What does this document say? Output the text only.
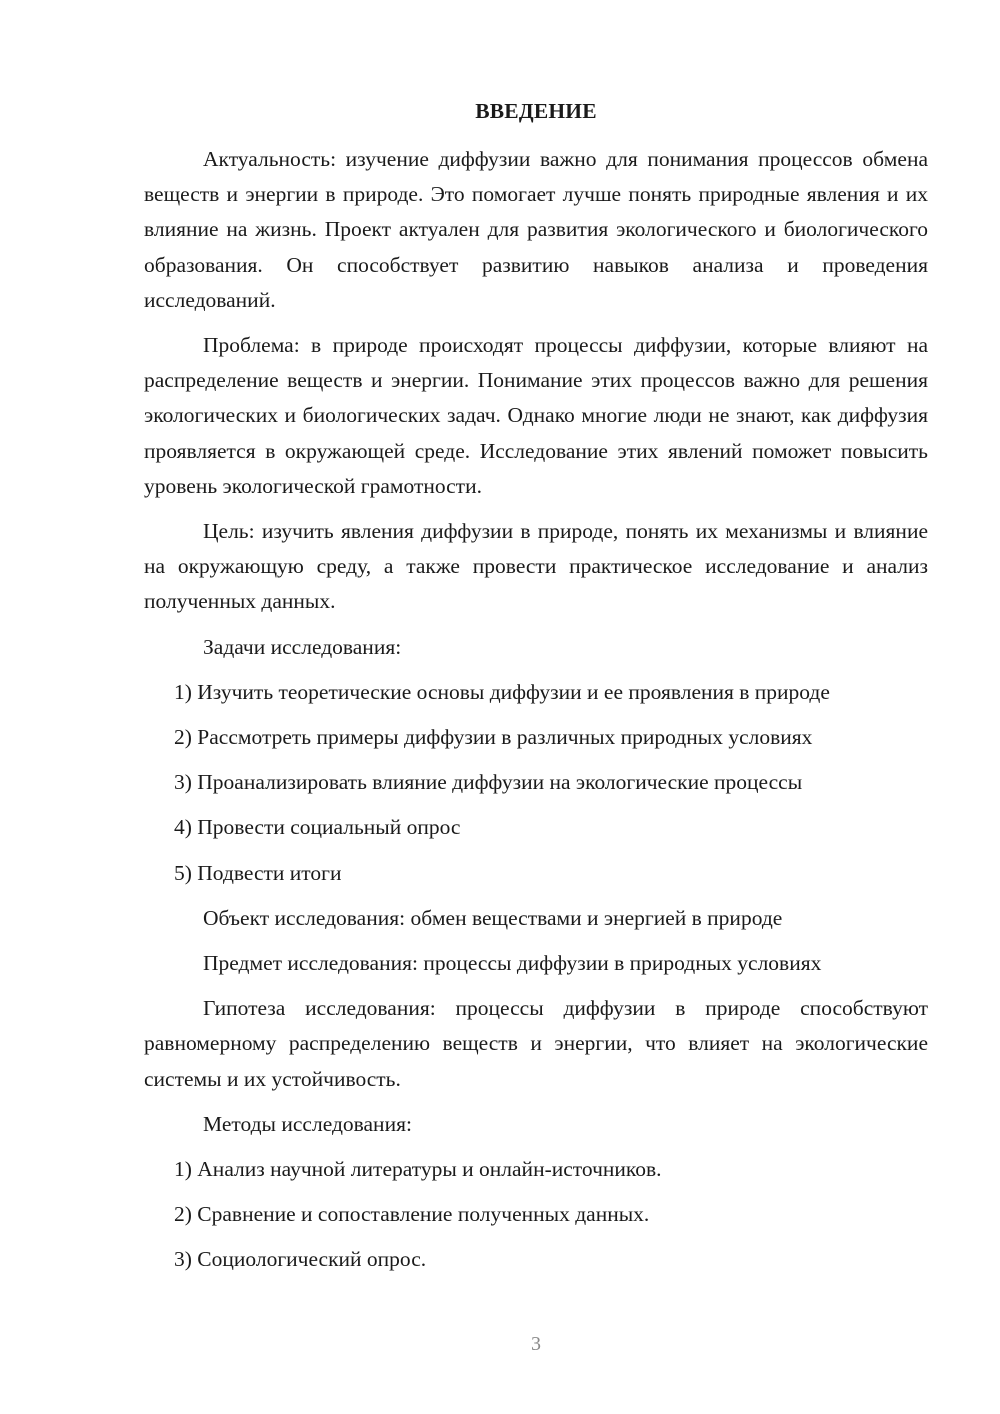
ВВЕДЕНИЕ

Актуальность: изучение диффузии важно для понимания процессов обмена веществ и энергии в природе. Это помогает лучше понять природные явления и их влияние на жизнь. Проект актуален для развития экологического и биологического образования. Он способствует развитию навыков анализа и проведения исследований.

Проблема: в природе происходят процессы диффузии, которые влияют на распределение веществ и энергии. Понимание этих процессов важно для решения экологических и биологических задач. Однако многие люди не знают, как диффузия проявляется в окружающей среде. Исследование этих явлений поможет повысить уровень экологической грамотности.

Цель: изучить явления диффузии в природе, понять их механизмы и влияние на окружающую среду, а также провести практическое исследование и анализ полученных данных.

Задачи исследования:
1) Изучить теоретические основы диффузии и ее проявления в природе
2) Рассмотреть примеры диффузии в различных природных условиях
3) Проанализировать влияние диффузии на экологические процессы
4) Провести социальный опрос
5) Подвести итоги
Объект исследования: обмен веществами и энергией в природе
Предмет исследования: процессы диффузии в природных условиях

Гипотеза исследования: процессы диффузии в природе способствуют равномерному распределению веществ и энергии, что влияет на экологические системы и их устойчивость.

Методы исследования:
1) Анализ научной литературы и онлайн-источников.
2) Сравнение и сопоставление полученных данных.
3) Социологический опрос.
3
